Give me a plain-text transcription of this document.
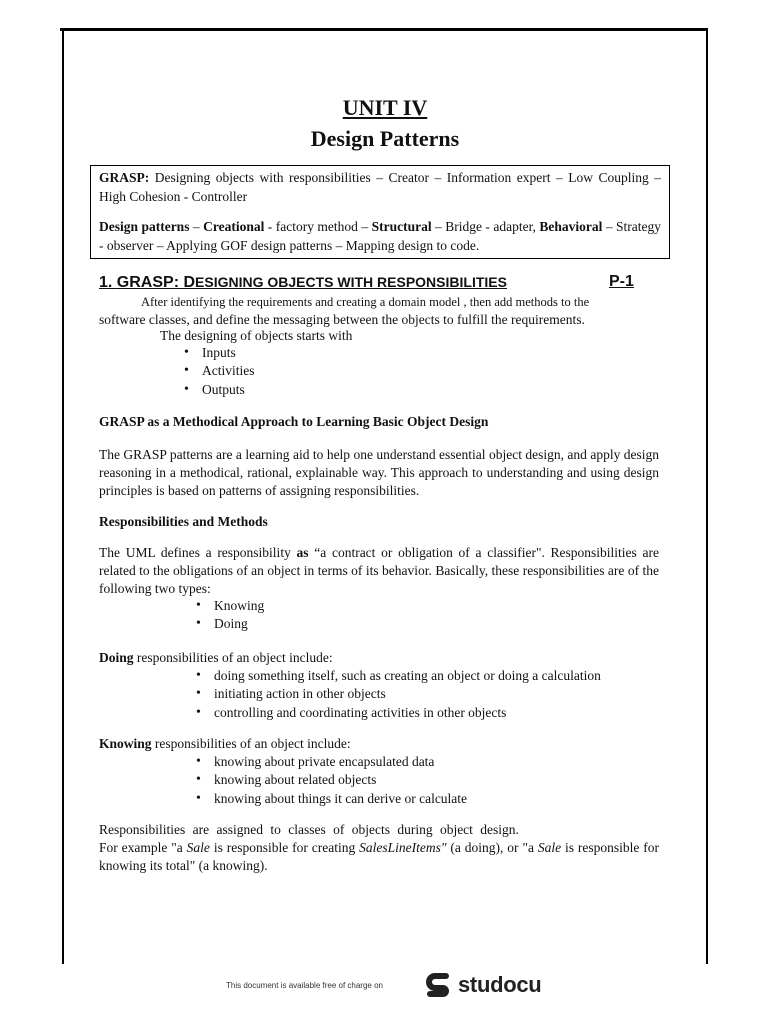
UNIT IV
Design Patterns

GRASP: Designing objects with responsibilities – Creator – Information expert – Low Coupling – High Cohesion - Controller

Design patterns – Creational - factory method – Structural – Bridge - adapter, Behavioral – Strategy - observer – Applying GOF design patterns – Mapping design to code.

1. GRASP: DESIGNING OBJECTS WITH RESPONSIBILITIES	P-1
After identifying the requirements and creating a domain model , then add methods to the
software classes, and define the messaging between the objects to fulfill the requirements.
The designing of objects starts with
• Inputs
• Activities
• Outputs
GRASP as a Methodical Approach to Learning Basic Object Design
The GRASP patterns are a learning aid to help one understand essential object design, and apply design reasoning in a methodical, rational, explainable way. This approach to understanding and using design principles is based on patterns of assigning responsibilities.
Responsibilities and Methods
The UML defines a responsibility as “a contract or obligation of a classifier". Responsibilities are related to the obligations of an object in terms of its behavior. Basically, these responsibilities are of the following two types:
• Knowing
• Doing
Doing responsibilities of an object include:
• doing something itself, such as creating an object or doing a calculation
• initiating action in other objects
• controlling and coordinating activities in other objects
Knowing responsibilities of an object include:
• knowing about private encapsulated data
• knowing about related objects
• knowing about things it can derive or calculate
Responsibilities are assigned to classes of objects during object design.
For example "a Sale is responsible for creating SalesLineItems" (a doing), or "a Sale is responsible for knowing its total" (a knowing).
This document is available free of charge on	studocu
